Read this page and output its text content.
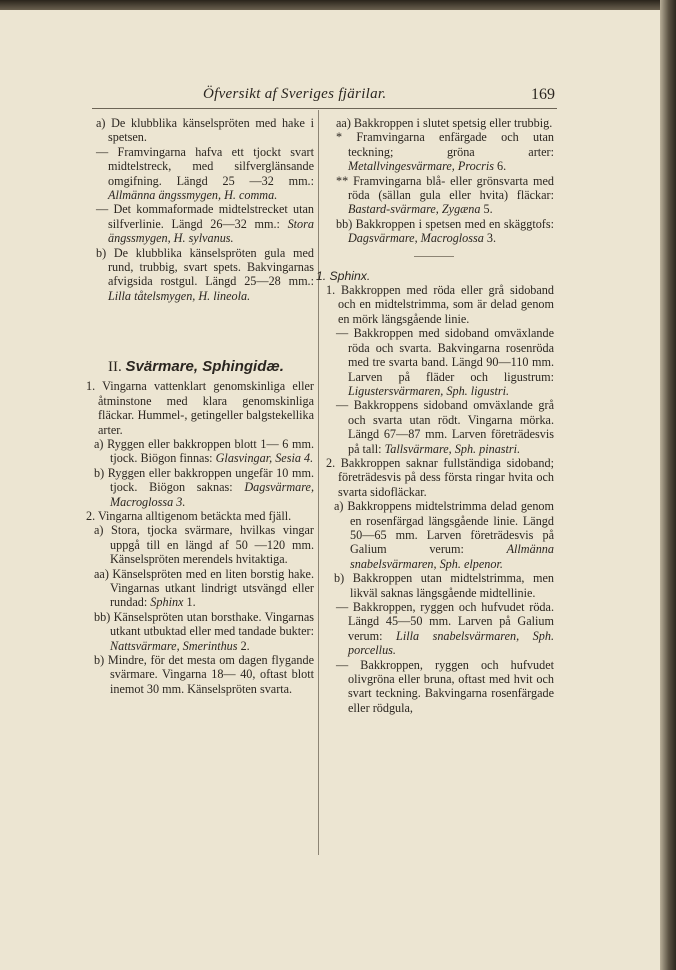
Öfversikt af Sveriges fjärilar.	169

a) De klubblika känselspröten med hake i spetsen.

— Framvingarna hafva ett tjockt svart midtelstreck, med silfverglänsande omgifning. Längd 25 —32 mm.: Allmänna ängssmygen, H. comma.

— Det kommaformade midtelstrecket utan silfverlinie. Längd 26—32 mm.: Stora ängssmygen, H. sylvanus.

b) De klubblika känselspröten gula med rund, trubbig, svart spets. Bakvingarnas afvigsida rostgul. Längd 25—28 mm.: Lilla tåtelsmygen, H. lineola.

II. Svärmare, Sphingidæ.

1. Vingarna vattenklart genomskinliga eller åtminstone med klara genomskinliga fläckar. Hummel-, getingeller balgstekellika arter.

a) Ryggen eller bakkroppen blott 1— 6 mm. tjock. Biögon finnas: Glasvingar, Sesia 4.

b) Ryggen eller bakkroppen ungefär 10 mm. tjock. Biögon saknas: Dagsvärmare, Macroglossa 3.

2. Vingarna alltigenom betäckta med fjäll.

a) Stora, tjocka svärmare, hvilkas vingar uppgå till en längd af 50 —120 mm. Känselspröten merendels hvitaktiga.

aa) Känselspröten med en liten borstig hake. Vingarnas utkant lindrigt utsvängd eller rundad: Sphinx 1.

bb) Känselspröten utan borsthake. Vingarnas utkant utbuktad eller med tandade bukter: Nattsvärmare, Smerinthus 2.

b) Mindre, för det mesta om dagen flygande svärmare. Vingarna 18— 40, oftast blott inemot 30 mm. Känselspröten svarta.

aa) Bakkroppen i slutet spetsig eller trubbig.

* Framvingarna enfärgade och utan teckning; gröna arter: Metallvingesvärmare, Procris 6.

** Framvingarna blå- eller grönsvarta med röda (sällan gula eller hvita) fläckar: Bastard-svärmare, Zygæna 5.

bb) Bakkroppen i spetsen med en skäggtofs: Dagsvärmare, Macroglossa 3.

1. Sphinx.

1. Bakkroppen med röda eller grå sidoband och en midtelstrimma, som är delad genom en mörk längsgående linie.

— Bakkroppen med sidoband omväxlande röda och svarta. Bakvingarna rosenröda med tre svarta band. Längd 90—110 mm. Larven på fläder och ligustrum: Ligustersvärmaren, Sph. ligustri.

— Bakkroppens sidoband omväxlande grå och svarta utan rödt. Vingarna mörka. Längd 67—87 mm. Larven företrädesvis på tall: Tallsvärmare, Sph. pinastri.

2. Bakkroppen saknar fullständiga sidoband; företrädesvis på dess första ringar hvita och svarta sidofläckar.

a) Bakkroppens midtelstrimma delad genom en rosenfärgad längsgående linie. Längd 50—65 mm. Larven företrädesvis på Galium verum: Allmänna snabelsvärmaren, Sph. elpenor.

b) Bakkroppen utan midtelstrimma, men likväl saknas längsgående midtellinie.

— Bakkroppen, ryggen och hufvudet röda. Längd 45—50 mm. Larven på Galium verum: Lilla snabelsvärmaren, Sph. porcellus.

— Bakkroppen, ryggen och hufvudet olivgröna eller bruna, oftast med hvit och svart teckning. Bakvingarna rosenfärgade eller rödgula,
